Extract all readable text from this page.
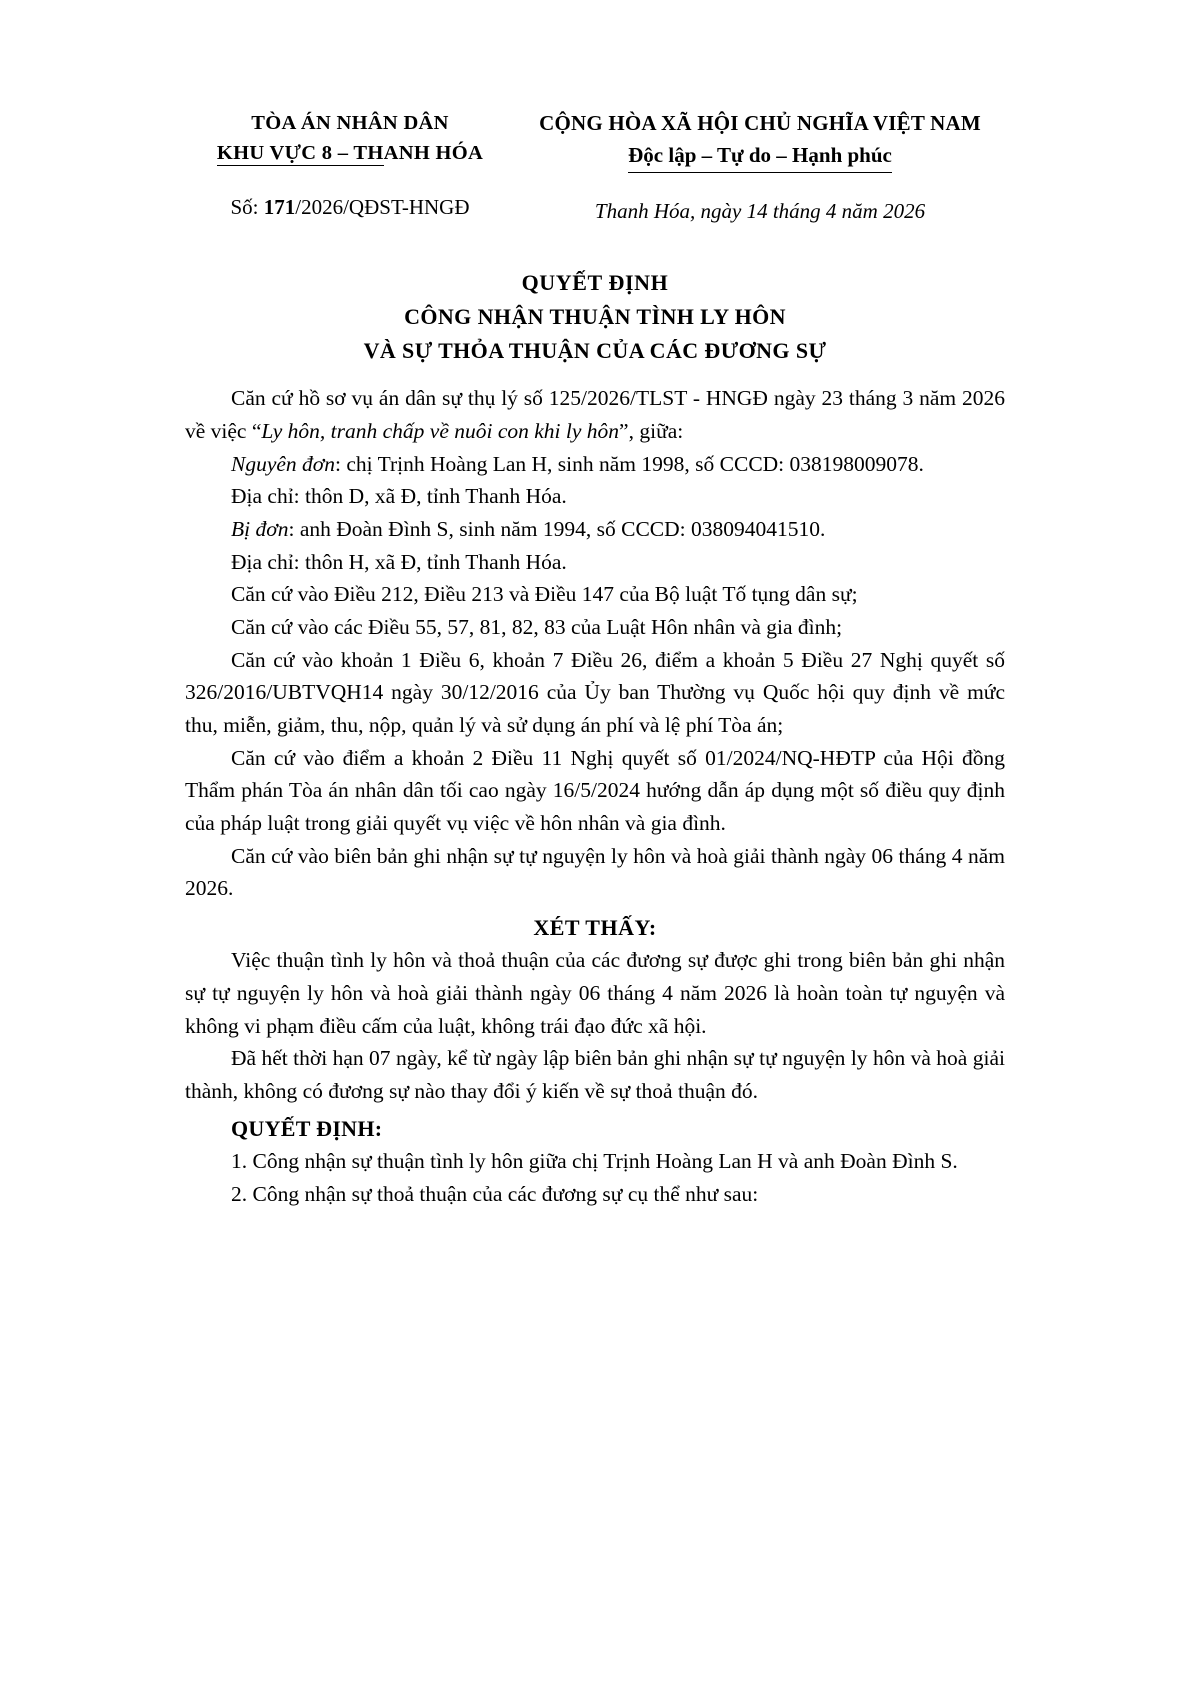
TÒA ÁN NHÂN DÂN
KHU VỰC 8 – THANH HÓA
CỘNG HÒA XÃ HỘI CHỦ NGHĨA VIỆT NAM
Độc lập – Tự do – Hạnh phúc
Số: 171/2026/QĐST-HNGĐ	Thanh Hóa, ngày 14 tháng 4 năm 2026
QUYẾT ĐỊNH
CÔNG NHẬN THUẬN TÌNH LY HÔN
VÀ SỰ THỎA THUẬN CỦA CÁC ĐƯƠNG SỰ

Căn cứ hồ sơ vụ án dân sự thụ lý số 125/2026/TLST - HNGĐ ngày 23 tháng 3 năm 2026 về việc “Ly hôn, tranh chấp về nuôi con khi ly hôn”, giữa:

Nguyên đơn: chị Trịnh Hoàng Lan H, sinh năm 1998, số CCCD: 038198009078.

Địa chỉ: thôn D, xã Đ, tỉnh Thanh Hóa.

Bị đơn: anh Đoàn Đình S, sinh năm 1994, số CCCD: 038094041510.

Địa chỉ: thôn H, xã Đ, tỉnh Thanh Hóa.

Căn cứ vào Điều 212, Điều 213 và Điều 147 của Bộ luật Tố tụng dân sự;

Căn cứ vào các Điều 55, 57, 81, 82, 83 của Luật Hôn nhân và gia đình;

Căn cứ vào khoản 1 Điều 6, khoản 7 Điều 26, điểm a khoản 5 Điều 27 Nghị quyết số 326/2016/UBTVQH14 ngày 30/12/2016 của Ủy ban Thường vụ Quốc hội quy định về mức thu, miễn, giảm, thu, nộp, quản lý và sử dụng án phí và lệ phí Tòa án;

Căn cứ vào điểm a khoản 2 Điều 11 Nghị quyết số 01/2024/NQ-HĐTP của Hội đồng Thẩm phán Tòa án nhân dân tối cao ngày 16/5/2024 hướng dẫn áp dụng một số điều quy định của pháp luật trong giải quyết vụ việc về hôn nhân và gia đình.

Căn cứ vào biên bản ghi nhận sự tự nguyện ly hôn và hoà giải thành ngày 06 tháng 4 năm 2026.

XÉT THẤY:

Việc thuận tình ly hôn và thoả thuận của các đương sự được ghi trong biên bản ghi nhận sự tự nguyện ly hôn và hoà giải thành ngày 06 tháng 4 năm 2026 là hoàn toàn tự nguyện và không vi phạm điều cấm của luật, không trái đạo đức xã hội.

Đã hết thời hạn 07 ngày, kể từ ngày lập biên bản ghi nhận sự tự nguyện ly hôn và hoà giải thành, không có đương sự nào thay đổi ý kiến về sự thoả thuận đó.

QUYẾT ĐỊNH:

1. Công nhận sự thuận tình ly hôn giữa chị Trịnh Hoàng Lan H và anh Đoàn Đình S.

2. Công nhận sự thoả thuận của các đương sự cụ thể như sau:
